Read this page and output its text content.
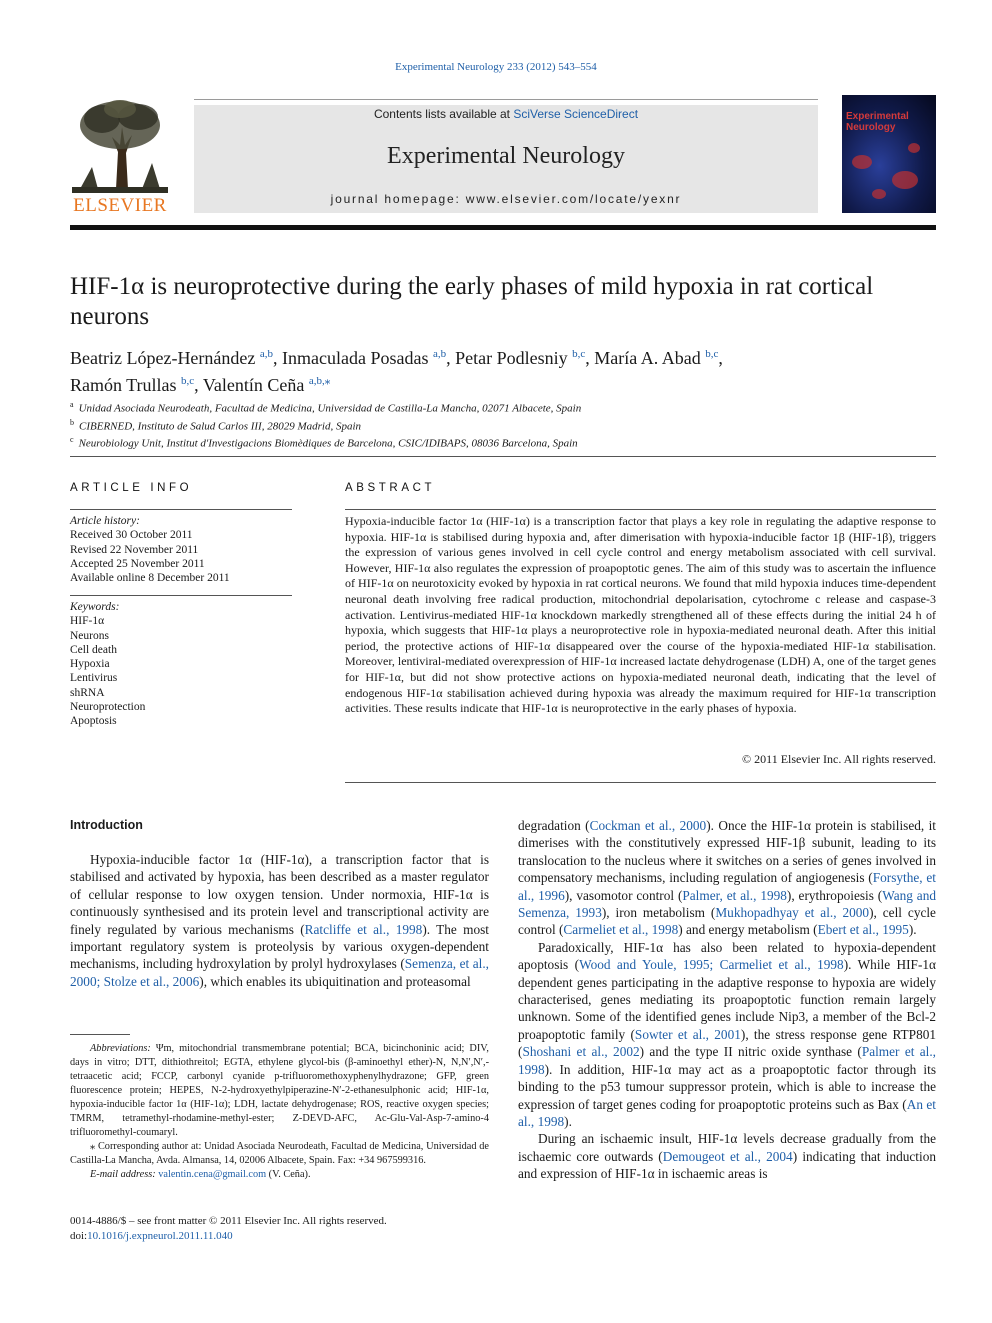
Experimental Neurology 233 (2012) 543–554
ELSEVIER
Contents lists available at SciVerse ScienceDirect
Experimental Neurology
journal homepage: www.elsevier.com/locate/yexnr
Experimental Neurology
HIF-1α is neuroprotective during the early phases of mild hypoxia in rat cortical neurons
Beatriz López-Hernández $^{a,b}$, Inmaculada Posadas $^{a,b}$, Petar Podlesniy $^{b,c}$, María A. Abad $^{b,c}$,
Ramón Trullas $^{b,c}$, Valentín Ceña $^{a,b,⁎}$
$^a$ Unidad Asociada Neurodeath, Facultad de Medicina, Universidad de Castilla-La Mancha, 02071 Albacete, Spain
$^b$ CIBERNED, Instituto de Salud Carlos III, 28029 Madrid, Spain
$^c$ Neurobiology Unit, Institut d'Investigacions Biomèdiques de Barcelona, CSIC/IDIBAPS, 08036 Barcelona, Spain
ARTICLE INFO
Article history:
Received 30 October 2011
Revised 22 November 2011
Accepted 25 November 2011
Available online 8 December 2011
Keywords:
HIF-1α
Neurons
Cell death
Hypoxia
Lentivirus
shRNA
Neuroprotection
Apoptosis
ABSTRACT
Hypoxia-inducible factor 1α (HIF-1α) is a transcription factor that plays a key role in regulating the adaptive response to hypoxia. HIF-1α is stabilised during hypoxia and, after dimerisation with hypoxia-inducible factor 1β (HIF-1β), triggers the expression of various genes involved in cell cycle control and energy metabolism associated with cell survival. However, HIF-1α also regulates the expression of proapoptotic genes. The aim of this study was to ascertain the influence of HIF-1α on neurotoxicity evoked by hypoxia in rat cortical neurons. We found that mild hypoxia induces time-dependent neuronal death involving free radical production, mitochondrial depolarisation, cytochrome c release and caspase-3 activation. Lentivirus-mediated HIF-1α knockdown markedly strengthened all of these effects during the initial 24 h of hypoxia, which suggests that HIF-1α plays a neuroprotective role in hypoxia-mediated neuronal death. After this initial period, the protective actions of HIF-1α disappeared over the course of the hypoxia-mediated HIF-1α stabilisation. Moreover, lentiviral-mediated overexpression of HIF-1α increased lactate dehydrogenase (LDH) A, one of the target genes for HIF-1α, but did not show protective actions on hypoxia-mediated neuronal death, indicating that the level of endogenous HIF-1α stabilisation achieved during hypoxia was already the maximum required for HIF-1α transcription activities. These results indicate that HIF-1α is neuroprotective in the early phases of hypoxia.
© 2011 Elsevier Inc. All rights reserved.
Introduction

Hypoxia-inducible factor 1α (HIF-1α), a transcription factor that is stabilised and activated by hypoxia, has been described as a master regulator of cellular response to low oxygen tension. Under normoxia, HIF-1α is continuously synthesised and its protein level and transcriptional activity are finely regulated by various mechanisms (Ratcliffe et al., 1998). The most important regulatory system is proteolysis by various oxygen-dependent mechanisms, including hydroxylation by prolyl hydroxylases (Semenza, et al., 2000; Stolze et al., 2006), which enables its ubiquitination and proteasomal

degradation (Cockman et al., 2000). Once the HIF-1α protein is stabilised, it dimerises with the constitutively expressed HIF-1β subunit, leading to its translocation to the nucleus where it switches on a series of genes involved in compensatory mechanisms, including regulation of angiogenesis (Forsythe, et al., 1996), vasomotor control (Palmer, et al., 1998), erythropoiesis (Wang and Semenza, 1993), iron metabolism (Mukhopadhyay et al., 2000), cell cycle control (Carmeliet et al., 1998) and energy metabolism (Ebert et al., 1995).

Paradoxically, HIF-1α has also been related to hypoxia-dependent apoptosis (Wood and Youle, 1995; Carmeliet et al., 1998). While HIF-1α dependent genes participating in the adaptive response to hypoxia are widely characterised, genes mediating its proapoptotic function remain largely unknown. Some of the identified genes include Nip3, a member of the Bcl-2 proapoptotic family (Sowter et al., 2001), the stress response gene RTP801 (Shoshani et al., 2002) and the type II nitric oxide synthase (Palmer et al., 1998). In addition, HIF-1α may act as a proapoptotic factor through its binding to the p53 tumour suppressor protein, which is able to increase the expression of target genes coding for proapoptotic proteins such as Bax (An et al., 1998).

During an ischaemic insult, HIF-1α levels decrease gradually from the ischaemic core outwards (Demougeot et al., 2004) indicating that induction and expression of HIF-1α in ischaemic areas is

Abbreviations: Ψm, mitochondrial transmembrane potential; BCA, bicinchoninic acid; DIV, days in vitro; DTT, dithiothreitol; EGTA, ethylene glycol-bis (β-aminoethyl ether)-N, N,N′,N′,-tetraacetic acid; FCCP, carbonyl cyanide p-trifluoromethoxyphenylhydrazone; GFP, green fluorescence protein; HEPES, N-2-hydroxyethylpiperazine-N′-2-ethanesulphonic acid; HIF-1α, hypoxia-inducible factor 1α (HIF-1α); LDH, lactate dehydrogenase; ROS, reactive oxygen species; TMRM, tetramethyl-rhodamine-methyl-ester; Z-DEVD-AFC, Ac-Glu-Val-Asp-7-amino-4 trifluoromethyl-coumaryl.

⁎ Corresponding author at: Unidad Asociada Neurodeath, Facultad de Medicina, Universidad de Castilla-La Mancha, Avda. Almansa, 14, 02006 Albacete, Spain. Fax: +34 967599316.

E-mail address: valentin.cena@gmail.com (V. Ceña).

0014-4886/$ – see front matter © 2011 Elsevier Inc. All rights reserved.
doi:10.1016/j.expneurol.2011.11.040
